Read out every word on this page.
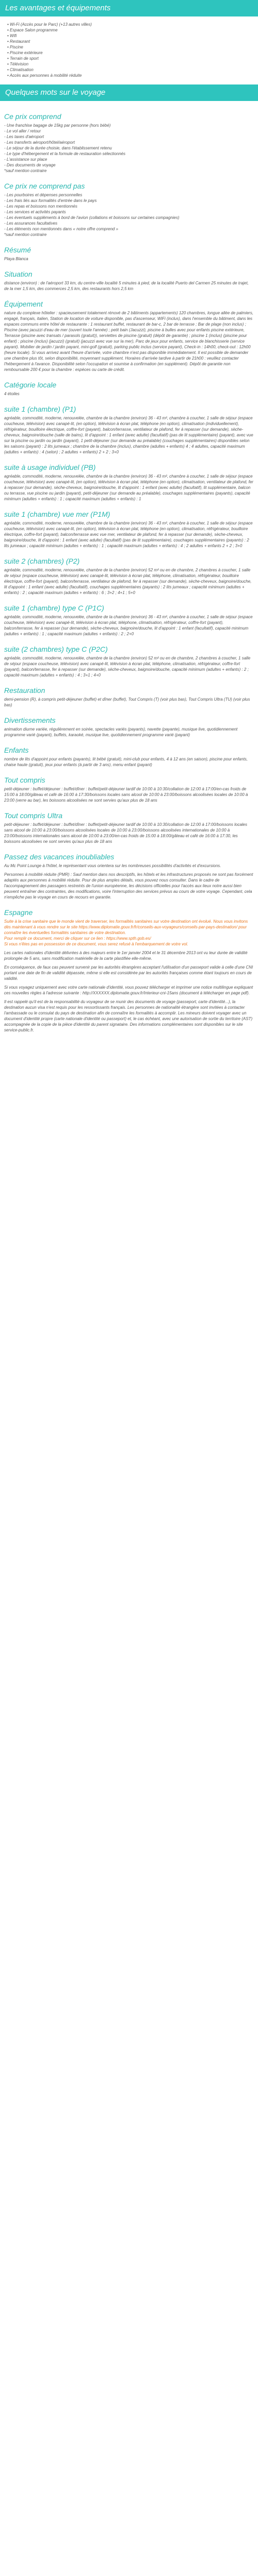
Les avantages et équipements
• Wi-Fi (Accès pour le Parc) (+13 autres villes)
• Espace Salon programme
• Wifi
• Restaurant
• Piscine
• Piscine extérieure
• Terrain de sport
• Télévision
• Climatisation
• Accès aux personnes à mobilité réduite
Quelques mots sur le voyage
Ce prix comprend

- Une franchise bagage de 15kg par personne (hors bébé)
- Le vol aller / retour
- Les taxes d'aéroport
- Les transferts aéroport/hôtel/aéroport
- Le séjour de la durée choisie, dans l'établissement retenu
- Le type d'hébergement et la formule de restauration sélectionnés
- L'assistance sur place
- Des documents de voyage
*sauf mention contraire

Ce prix ne comprend pas

- Les pourboires et dépenses personnelles
- Les frais liés aux formalités d'entrée dans le pays
- Les repas et boissons non mentionnés
- Les services et activités payants
- Les éventuels suppléments à bord de l'avion (collations et boissons sur certaines compagnies)
- Les assurances facultatives
- Les éléments non mentionnés dans « notre offre comprend »
*sauf mention contraire

Résumé

Playa Blanca

Situation

distance (environ) : de l'aéroport 33 km, du centre-ville localité 5 minutes à pied, de la localité Puerto del Carmen 25 minutes de trajet, de la mer 1,5 km, des commerces 2,5 km, des restaurants hors 2,5 km

Équipement

nature du complexe hôtelier : spacieusement totalement rénové de 2 bâtiments (appartements) 120 chambres, longue allée de palmiers, engagé, français, italien, Station de location de voiture disponible, pas d'ascenseur, WiFi (inclus), dans l'ensemble du bâtiment, dans les espaces communs entre hôtel de restaurante : 1 restaurant buffet, restaurant de bar-c, 2 bar de terrasse ; Bar de plage (non inclus) ; Piscine (avec jacuzzi d'eau de mer (ouvert toute l'année) ; petit bain (Jacuzzi), piscine à bulles avec pour enfants piscine extérieure, Terrasse (piscine avec transats / parasols (gratuit)), serviettes de piscine (gratuit) (dépôt de garantie) ; piscine 1 (inclus) (piscine pour enfant) ; piscine (inclus) (jacuzzi) (gratuit) (jacuzzi avec vue sur la mer), Parc de jeux pour enfants, service de blanchisserie (service payant). Mobilier de jardin / jardin payant, mini-golf (gratuit), parking public inclus (service payant), Check-in : 14h00, check-out : 12h00 (heure locale). Si vous arrivez avant l'heure d'arrivée, votre chambre n'est pas disponible immédiatement. Il est possible de demander une chambre plus tôt, selon disponibilité, moyennant supplément. Horaires d'arrivée tardive à partir de 21h00 : veuillez contacter l'hébergement à l'avance. Disponibilité selon l'occupation et soumise à confirmation (en supplément). Dépôt de garantie non remboursable 200 € pour la chambre : espèces ou carte de crédit.

Catégorie locale

4 étoiles

suite 1 (chambre) (P1)

agréable, commodité, moderne, renouvelée, chambre de la chambre (environ) 36 - 43 m², chambre à coucher, 1 salle de séjour (espace coucheuse, télévision) avec canapé-lit, (en option), télévision à écran plat, téléphone (en option), climatisation (individuellement), réfrigérateur, bouilloire électrique, coffre-fort (payant), balcon/terrasse, ventilateur de plafond, fer à repasser (sur demande), sèche-cheveux, baignoire/douche (salle de bains), lit d'appoint : 1 enfant (avec adulte) (facultatif) (pas de lit supplémentaire) (payant), avec vue sur la piscine ou jardin ou jardin (payant), 1 petit-déjeuner (sur demande au préalable) (couchages supplémentaires) disponibles selon les saisons (payant) : 2 lits jumeaux ; chambre de la chambre (inclus), chambre (adultes + enfants) 4 ; 4 adultes, capacité maximum (adultes + enfants) : 4 (selon) ; 2 adultes + enfants) 2 + 2 ; 3+0

suite à usage individuel (PB)

agréable, commodité, moderne, renouvelée, chambre de la chambre (environ) 36 - 43 m², chambre à coucher, 1 salle de séjour (espace coucheuse, télévision) avec canapé-lit, (en option), télévision à écran plat, téléphone (en option), climatisation, ventilateur de plafond, fer à repasser (sur demande), sèche-cheveux, baignoire/douche, lit d'appoint : 1 enfant (avec adulte) (facultatif), lit supplémentaire, balcon ou terrasse, vue piscine ou jardin (payant), petit-déjeuner (sur demande au préalable), couchages supplémentaires (payants), capacité minimum (adultes + enfants) : 1 ; capacité maximum (adultes + enfants) : 1

suite 1 (chambre) vue mer (P1M)

agréable, commodité, moderne, renouvelée, chambre de la chambre (environ) 36 - 43 m², chambre à coucher, 1 salle de séjour (espace coucheuse, télévision) avec canapé-lit, (en option), télévision à écran plat, téléphone (en option), climatisation, réfrigérateur, bouilloire électrique, coffre-fort (payant), balcon/terrasse avec vue mer, ventilateur de plafond, fer à repasser (sur demande), sèche-cheveux, baignoire/douche, lit d'appoint : 1 enfant (avec adulte) (facultatif) (pas de lit supplémentaire), couchages supplémentaires (payants) : 2 lits jumeaux ; capacité minimum (adultes + enfants) : 1 ; capacité maximum (adultes + enfants) : 4 ; 2 adultes + enfants 2 + 2 ; 3+0

suite 2 (chambres) (P2)

agréable, commodité, moderne, renouvelée, chambre de la chambre (environ) 52 m² ou en de chambre, 2 chambres à coucher, 1 salle de séjour (espace coucheuse, télévision) avec canapé-lit, télévision à écran plat, téléphone, climatisation, réfrigérateur, bouilloire électrique, coffre-fort (payant), balcon/terrasse, ventilateur de plafond, fer à repasser (sur demande), sèche-cheveux, baignoire/douche, lit d'appoint : 1 enfant (avec adulte) (facultatif), couchages supplémentaires (payants) : 2 lits jumeaux ; capacité minimum (adultes + enfants) : 2 ; capacité maximum (adultes + enfants) : 6 ; 3+2 ; 4+1 ; 5+0

suite 1 (chambre) type C (P1C)

agréable, commodité, moderne, renouvelée, chambre de la chambre (environ) 36 - 43 m², chambre à coucher, 1 salle de séjour (espace coucheuse, télévision) avec canapé-lit, télévision à écran plat, téléphone, climatisation, réfrigérateur, coffre-fort (payant), balcon/terrasse, fer à repasser (sur demande), sèche-cheveux, baignoire/douche, lit d'appoint : 1 enfant (facultatif), capacité minimum (adultes + enfants) : 1 ; capacité maximum (adultes + enfants) : 2 ; 2+0

suite (2 chambres) type C (P2C)

agréable, commodité, moderne, renouvelée, chambre de la chambre (environ) 52 m² ou en de chambre, 2 chambres à coucher, 1 salle de séjour (espace coucheuse, télévision) avec canapé-lit, télévision à écran plat, téléphone, climatisation, réfrigérateur, coffre-fort (payant), balcon/terrasse, fer à repasser (sur demande), sèche-cheveux, baignoire/douche, capacité minimum (adultes + enfants) : 2 ; capacité maximum (adultes + enfants) : 4 ; 3+1 ; 4+0

Restauration

demi-pension (R), à compris petit-déjeuner (buffet) et dîner (buffet), Tout Compris (T) (voir plus bas), Tout Compris Ultra (TU) (voir plus bas)

Divertissements

animation diurne variée, régulièrement en soirée, spectacles variés (payants), navette (payante), musique live, quotidiennement programme varié (payant), buffets, karaoké, musique live, quotidiennement programme varié (payant)

Enfants

nombre de lits d'appoint pour enfants (payants), lit bébé (gratuit), mini-club pour enfants, 4 à 12 ans (en saison), piscine pour enfants, chaise haute (gratuit), jeux pour enfants (à partir de 3 ans), menu enfant (payant)

Tout compris

petit-déjeuner : buffet/déjeuner : buffet/dîner : buffet/petit-déjeuner tardif de 10:00 à 10:30/collation de 12:00 à 17:00/en-cas froids de 15:00 à 18:00/gâteau et café de 16:00 à 17:30/boissons locales sans alcool de 10:00 à 23:00/boissons alcoolisées locales de 10:00 à 23:00 (verre au bar), les boissons alcoolisées ne sont servies qu'aux plus de 18 ans

Tout compris Ultra

petit-déjeuner : buffet/déjeuner : buffet/dîner : buffet/petit-déjeuner tardif de 10:00 à 10:30/collation de 12:00 à 17:00/boissons locales sans alcool de 10:00 à 23:00/boissons alcoolisées locales de 10:00 à 23:00/boissons alcoolisées internationales de 10:00 à 23:00/boissons internationales sans alcool de 10:00 à 23:00/en-cas froids de 15:00 à 18:00/gâteau et café de 16:00 à 17:30, les boissons alcoolisées ne sont servies qu'aux plus de 18 ans

Passez des vacances inoubliables

Au Mc Point Lounge à l'hôtel, le représentant vous orientera sur les nombreuses possibilités d'activités et d'excursions.

Personnes à mobilité réduite (PMR) : Sauf mention dans nos descriptifs, les hôtels et les infrastructures proposés ne sont pas forcément adaptés aux personnes à mobilité réduite. Pour de plus amples détails, vous pouvez nous consulter. Dans le cadre de l'accompagnement des passagers restreints de l'union européenne, les décisions officielles pour l'accès aux lieux notre aussi bien peuvent entraîner des contraintes, des modifications, voire l'interruption des services prévus au cours de votre voyage. Cependant, cela n'empêche pas le voyage en cours de recours en garantie.

Espagne

Suite à la crise sanitaire que le monde vient de traverser, les formalités sanitaires sur votre destination ont évolué. Nous vous invitons dès maintenant à vous rendre sur le site https://www.diplomatie.gouv.fr/fr/conseils-aux-voyageurs/conseils-par-pays-destination/ pour connaître les éventuelles formalités sanitaires de votre destination.
Pour remplir ce document, merci de cliquer sur ce lien : https://www.spth.gob.es/
Si vous n'êtes pas en possession de ce document, vous serez refusé à l'embarquement de votre vol.

Les cartes nationales d'identité délivrées à des majeurs entre le 1er janvier 2004 et le 31 décembre 2013 ont vu leur durée de validité prolongée de 5 ans, sans modification matérielle de la carte plastifiée elle-même.

En conséquence, de faux cas peuvent survenir par les autorités étrangères acceptant l'utilisation d'un passeport valide à celle d'une CNI portant une date de fin de validité dépassée, même si elle est considérée par les autorités françaises comme étant toujours en cours de validité.

Si vous voyagez uniquement avec votre carte nationale d'identité, vous pouvez télécharger et imprimer une notice multilingue expliquant ces nouvelles règles à l'adresse suivante : http://XXXXXX.diplomatie.gouv.fr/Interieur-cni-15ans (document à télécharger en page pdf).

Il est rappelé qu'il est de la responsabilité du voyageur de se munir des documents de voyage (passeport, carte d'identité...), la destination aucun visa n'est requis pour les ressortissants français. Les personnes de nationalité étrangère sont invitées à contacter l'ambassade ou le consulat du pays de destination afin de connaître les formalités à accomplir. Les mineurs doivent voyager avec un document d'identité propre (carte nationale d'identité ou passeport) et, le cas échéant, avec une autorisation de sortie du territoire (AST) accompagnée de la copie de la pièce d'identité du parent signataire. Des informations complémentaires sont disponibles sur le site service-public.fr.
